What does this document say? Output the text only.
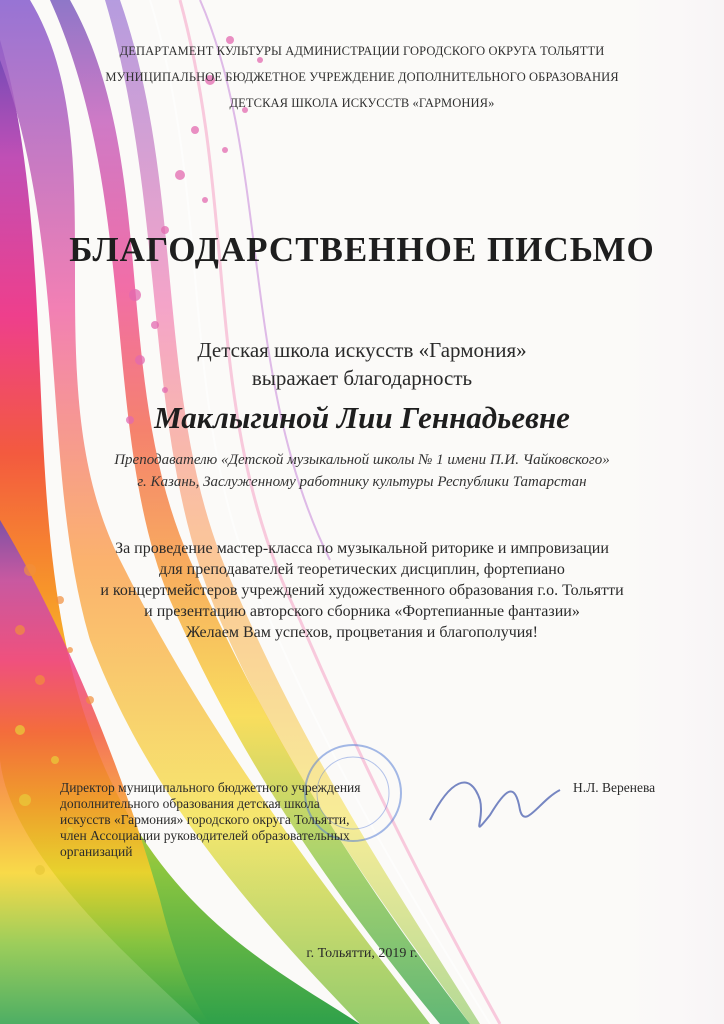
ДЕПАРТАМЕНТ КУЛЬТУРЫ АДМИНИСТРАЦИИ ГОРОДСКОГО ОКРУГА ТОЛЬЯТТИ
МУНИЦИПАЛЬНОЕ БЮДЖЕТНОЕ УЧРЕЖДЕНИЕ ДОПОЛНИТЕЛЬНОГО ОБРАЗОВАНИЯ
ДЕТСКАЯ ШКОЛА ИСКУССТВ «ГАРМОНИЯ»
БЛАГОДАРСТВЕННОЕ ПИСЬМО
Детская школа искусств «Гармония»
выражает благодарность
Маклыгиной Лии Геннадьевне
Преподавателю «Детской музыкальной школы № 1 имени П.И. Чайковского»
г. Казань, Заслуженному работнику культуры Республики Татарстан
За проведение мастер-класса по музыкальной риторике и импровизации
для преподавателей теоретических дисциплин, фортепиано
и концертмейстеров учреждений художественного образования г.о. Тольятти
и презентацию авторского сборника «Фортепианные фантазии»
Желаем Вам успехов, процветания и благополучия!
Директор муниципального бюджетного учреждения
дополнительного образования детская школа
искусств «Гармония» городского округа Тольятти,
член Ассоциации руководителей образовательных
организаций
Н.Л. Веренева
г. Тольятти, 2019 г.
